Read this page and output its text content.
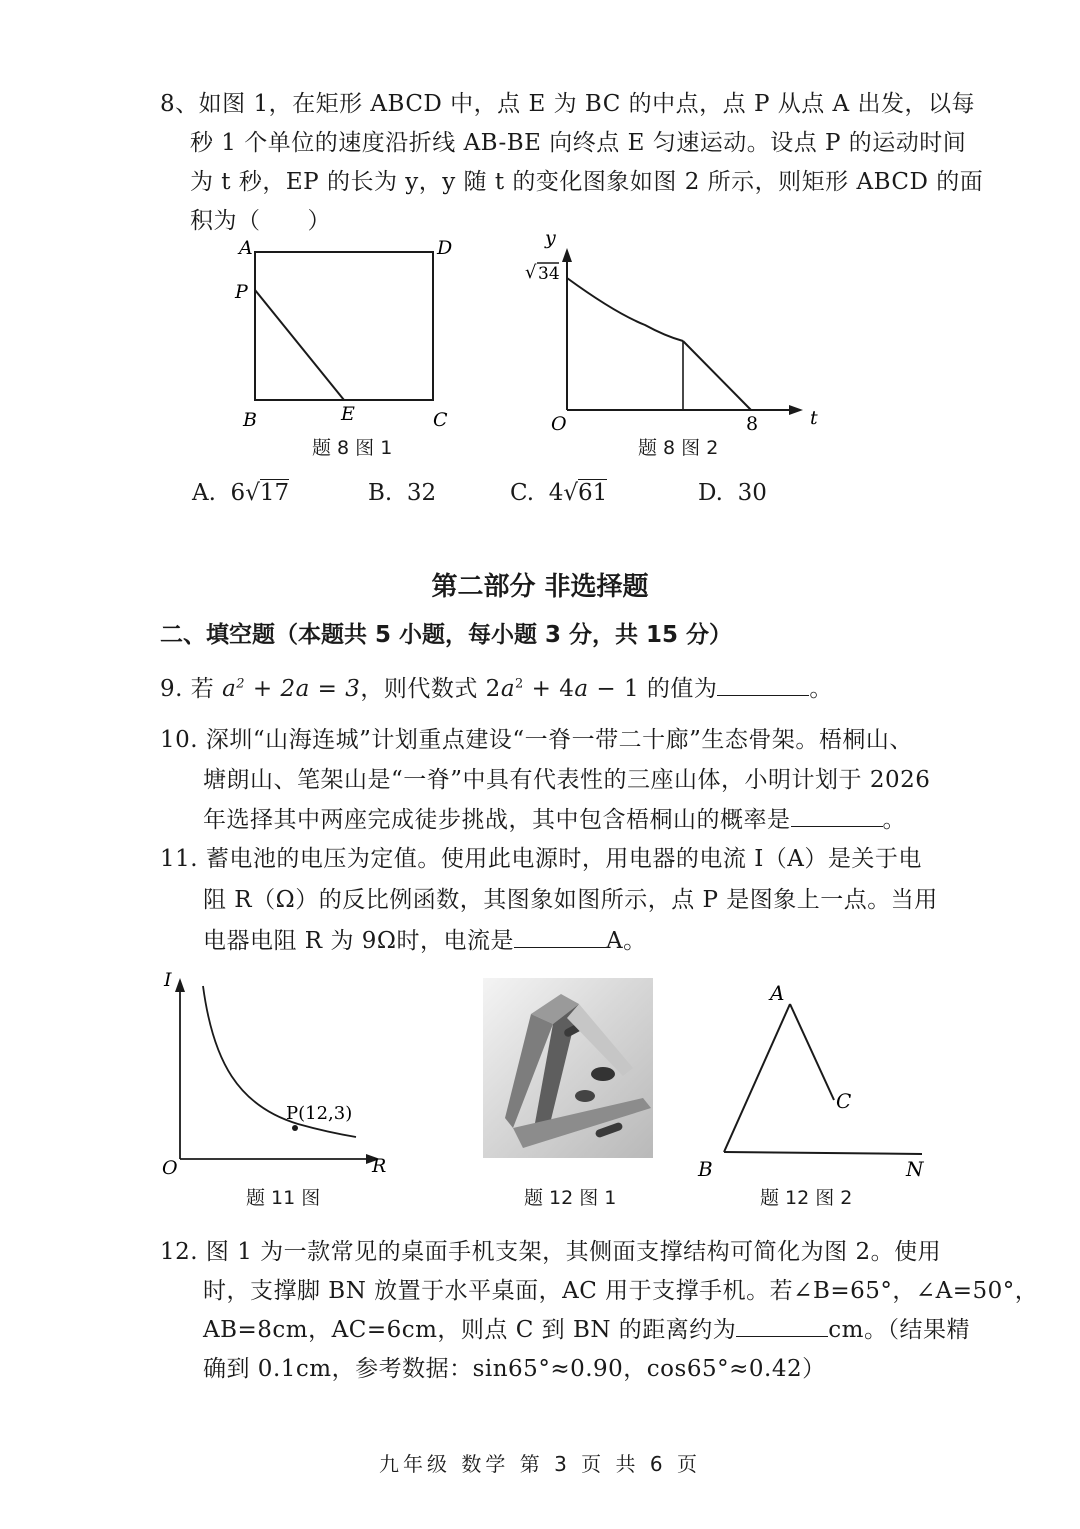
8、如图 1，在矩形 ABCD 中，点 E 为 BC 的中点，点 P 从点 A 出发，以每
秒 1 个单位的速度沿折线 AB-BE 向终点 E 匀速运动。设点 P 的运动时间
为 t 秒，EP 的长为 y，y 随 t 的变化图象如图 2 所示，则矩形 ABCD 的面
积为（　　）
A	D
P
B	E	C
题 8 图 1
y
√ 34
O	8	t
题 8 图 2
A. 6√17	B. 32	C. 4√61	D. 30
第二部分 非选择题
二、填空题（本题共 5 小题，每小题 3 分，共 15 分）
9. 若 $a^2 + 2a = 3$，则代数式 $2a^2 + 4a - 1$ 的值为	。
10. 深圳“山海连城”计划重点建设“一脊一带二十廊”生态骨架。梧桐山、
塘朗山、笔架山是“一脊”中具有代表性的三座山体，小明计划于 2026
年选择其中两座完成徒步挑战，其中包含梧桐山的概率是	。
11. 蓄电池的电压为定值。使用此电源时，用电器的电流 I（A）是关于电
阻 R（Ω）的反比例函数，其图象如图所示，点 P 是图象上一点。当用
电器电阻 R 为 9Ω时，电流是	A。
I
O	R
P(12,3)
题 11 图	题 12 图 1
A
C
B	N
题 12 图 2
12. 图 1 为一款常见的桌面手机支架，其侧面支撑结构可简化为图 2。使用
时，支撑脚 BN 放置于水平桌面，AC 用于支撑手机。若∠B=65°，∠A=50°，
AB=8cm，AC=6cm，则点 C 到 BN 的距离约为	cm。（结果精
确到 0.1cm，参考数据：sin65°≈0.90，cos65°≈0.42）
九年级 数学 第 3 页 共 6 页
